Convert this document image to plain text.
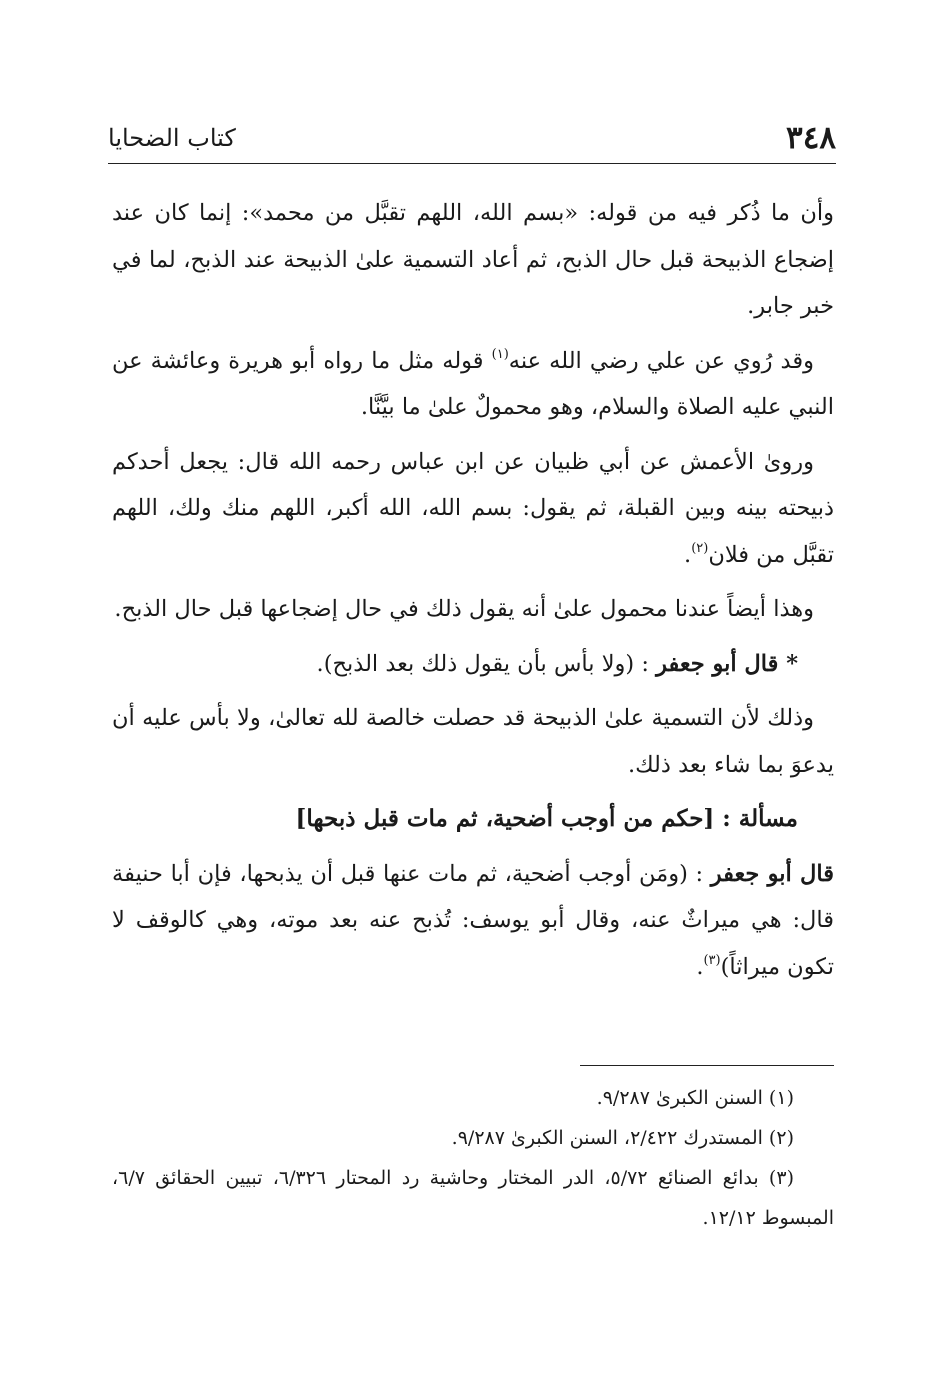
٣٤٨
كتاب الضحايا

وأن ما ذُكر فيه من قوله: «بسم الله، اللهم تقبَّل من محمد»: إنما كان عند إضجاع الذبيحة قبل حال الذبح، ثم أعاد التسمية علىٰ الذبيحة عند الذبح، لما في خبر جابر.

وقد رُوي عن علي رضي الله عنه$^{(١)}$ قوله مثل ما رواه أبو هريرة وعائشة عن النبي عليه الصلاة والسلام، وهو محمولٌ علىٰ ما بيَّنَّا.

وروىٰ الأعمش عن أبي ظبيان عن ابن عباس رحمه الله قال: يجعل أحدكم ذبيحته بينه وبين القبلة، ثم يقول: بسم الله، الله أكبر، اللهم منك ولك، اللهم تقبَّل من فلان$^{(٢)}$.

وهذا أيضاً عندنا محمول علىٰ أنه يقول ذلك في حال إضجاعها قبل حال الذبح.

* قال أبو جعفر : (ولا بأس بأن يقول ذلك بعد الذبح).

وذلك لأن التسمية علىٰ الذبيحة قد حصلت خالصة لله تعالىٰ، ولا بأس عليه أن يدعوَ بما شاء بعد ذلك.

مسألة : [حكم من أوجب أضحية، ثم مات قبل ذبحها]

قال أبو جعفر : (ومَن أوجب أضحية، ثم مات عنها قبل أن يذبحها، فإن أبا حنيفة قال: هي ميراثٌ عنه، وقال أبو يوسف: تُذبح عنه بعد موته، وهي كالوقف لا تكون ميراثاً)$^{(٣)}$.

(١) السنن الكبرىٰ ٩/٢٨٧.

(٢) المستدرك ٢/٤٢٢، السنن الكبرىٰ ٩/٢٨٧.

(٣) بدائع الصنائع ٥/٧٢، الدر المختار وحاشية رد المحتار ٦/٣٢٦، تبيين الحقائق ٦/٧، المبسوط ١٢/١٢.
